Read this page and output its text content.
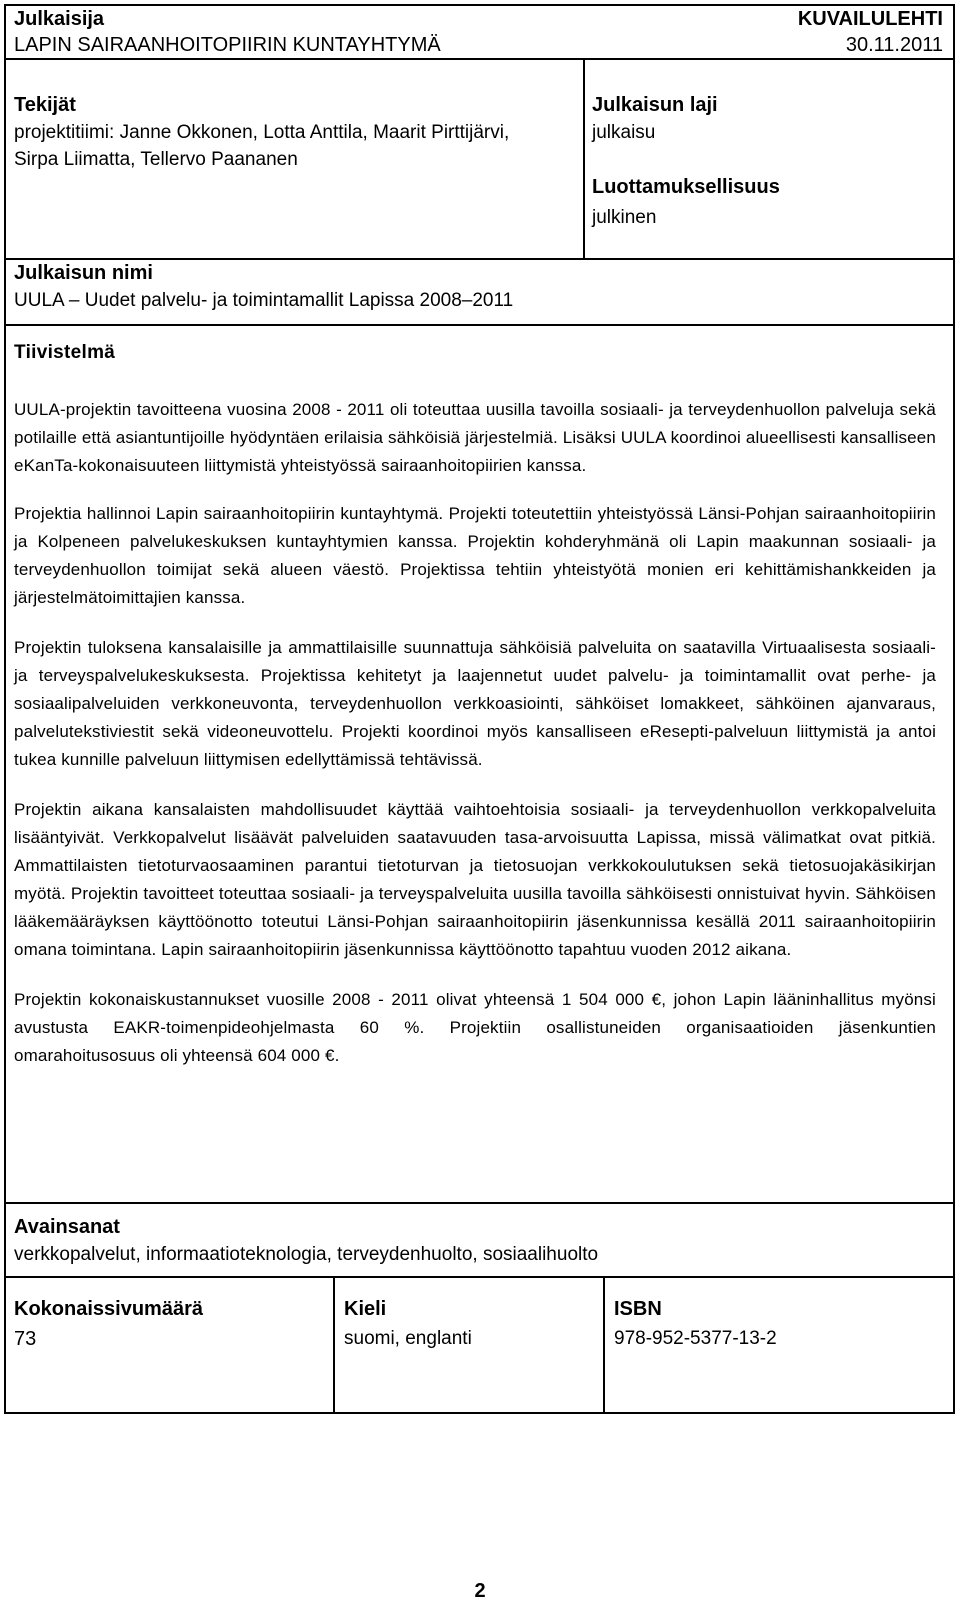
Julkaisija
LAPIN SAIRAANHOITOPIIRIN KUNTAYHTYMÄ
KUVAILULEHTI
30.11.2011
Tekijät
projektitiimi: Janne Okkonen, Lotta Anttila, Maarit Pirttijärvi,
Sirpa Liimatta, Tellervo Paananen
Julkaisun laji
julkaisu
Luottamuksellisuus
julkinen
Julkaisun nimi
UULA – Uudet palvelu- ja toimintamallit Lapissa 2008–2011
Tiivistelmä

UULA-projektin tavoitteena vuosina 2008 - 2011 oli toteuttaa uusilla tavoilla sosiaali- ja terveydenhuollon palveluja sekä potilaille että asiantuntijoille hyödyntäen erilaisia sähköisiä järjestelmiä. Lisäksi UULA koordinoi alueellisesti kansalliseen eKanTa-kokonaisuuteen liittymistä yhteistyössä sairaanhoitopiirien kanssa.

Projektia hallinnoi Lapin sairaanhoitopiirin kuntayhtymä. Projekti toteutettiin yhteistyössä Länsi-Pohjan sairaanhoitopiirin ja Kolpeneen palvelukeskuksen kuntayhtymien kanssa. Projektin kohderyhmänä oli Lapin maakunnan sosiaali- ja terveydenhuollon toimijat sekä alueen väestö. Projektissa tehtiin yhteistyötä monien eri kehittämishankkeiden ja järjestelmätoimittajien kanssa.

Projektin tuloksena kansalaisille ja ammattilaisille suunnattuja sähköisiä palveluita on saatavilla Virtuaalisesta sosiaali- ja terveyspalvelukeskuksesta. Projektissa kehitetyt ja laajennetut uudet palvelu- ja toimintamallit ovat perhe- ja sosiaalipalveluiden verkkoneuvonta, terveydenhuollon verkkoasiointi, sähköiset lomakkeet, sähköinen ajanvaraus, palvelutekstiviestit sekä videoneuvottelu. Projekti koordinoi myös kansalliseen eResepti-palveluun liittymistä ja antoi tukea kunnille palveluun liittymisen edellyttämissä tehtävissä.

Projektin aikana kansalaisten mahdollisuudet käyttää vaihtoehtoisia sosiaali- ja terveydenhuollon verkkopalveluita lisääntyivät. Verkkopalvelut lisäävät palveluiden saatavuuden tasa-arvoisuutta Lapissa, missä välimatkat ovat pitkiä. Ammattilaisten tietoturvaosaaminen parantui tietoturvan ja tietosuojan verkkokoulutuksen sekä tietosuojakäsikirjan myötä. Projektin tavoitteet toteuttaa sosiaali- ja terveyspalveluita uusilla tavoilla sähköisesti onnistuivat hyvin. Sähköisen lääkemääräyksen käyttöönotto toteutui Länsi-Pohjan sairaanhoitopiirin jäsenkunnissa kesällä 2011 sairaanhoitopiirin omana toimintana. Lapin sairaanhoitopiirin jäsenkunnissa käyttöönotto tapahtuu vuoden 2012 aikana.

Projektin kokonaiskustannukset vuosille 2008 - 2011 olivat yhteensä 1 504 000 €, johon Lapin lääninhallitus myönsi avustusta EAKR-toimenpideohjelmasta 60 %. Projektiin osallistuneiden organisaatioiden jäsenkuntien omarahoitusosuus oli yhteensä 604 000 €.

Avainsanat
verkkopalvelut, informaatioteknologia, terveydenhuolto, sosiaalihuolto
Kokonaissivumäärä
73
Kieli
suomi, englanti
ISBN
978-952-5377-13-2
2
